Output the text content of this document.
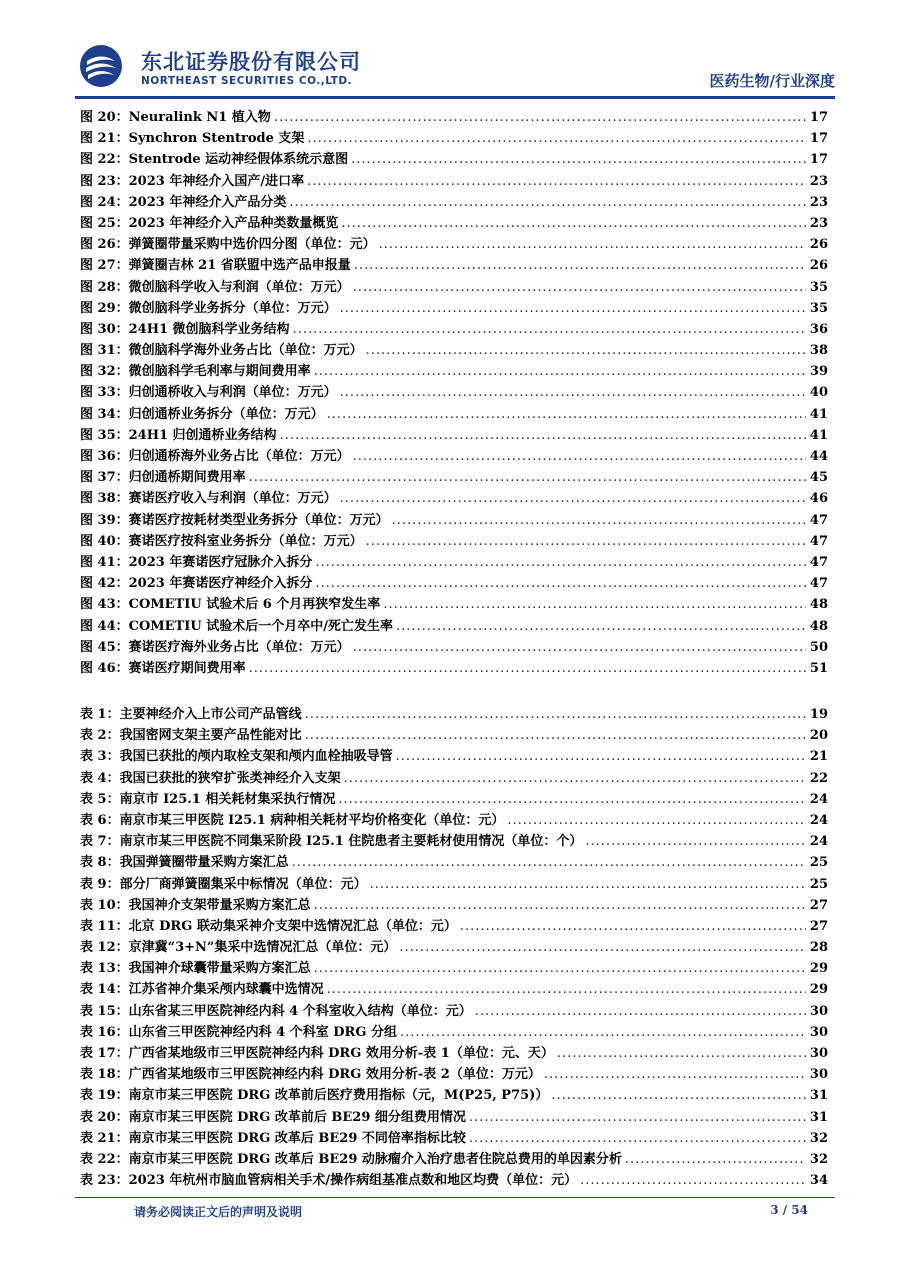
东北证券股份有限公司
NORTHEAST SECURITIES CO.,LTD.	医药生物/行业深度
图 20：Neuralink N1 植入物 .....	17
图 21：Synchron Stentrode 支架 .....	17
图 22：Stentrode 运动神经假体系统示意图 .....	17
图 23：2023 年神经介入国产/进口率 .....	23
图 24：2023 年神经介入产品分类 .....	23
图 25：2023 年神经介入产品种类数量概览 .....	23
图 26：弹簧圈带量采购中选价四分图（单位：元） .....	26
图 27：弹簧圈吉林 21 省联盟中选产品申报量 .....	26
图 28：微创脑科学收入与利润（单位：万元） .....	35
图 29：微创脑科学业务拆分（单位：万元） .....	35
图 30：24H1 微创脑科学业务结构 .....	36
图 31：微创脑科学海外业务占比（单位：万元） .....	38
图 32：微创脑科学毛利率与期间费用率 .....	39
图 33：归创通桥收入与利润（单位：万元） .....	40
图 34：归创通桥业务拆分（单位：万元） .....	41
图 35：24H1 归创通桥业务结构 .....	41
图 36：归创通桥海外业务占比（单位：万元） .....	44
图 37：归创通桥期间费用率 .....	45
图 38：赛诺医疗收入与利润（单位：万元） .....	46
图 39：赛诺医疗按耗材类型业务拆分（单位：万元） .....	47
图 40：赛诺医疗按科室业务拆分（单位：万元） .....	47
图 41：2023 年赛诺医疗冠脉介入拆分 .....	47
图 42：2023 年赛诺医疗神经介入拆分 .....	47
图 43：COMETIU 试验术后 6 个月再狭窄发生率 .....	48
图 44：COMETIU 试验术后一个月卒中/死亡发生率 .....	48
图 45：赛诺医疗海外业务占比（单位：万元） .....	50
图 46：赛诺医疗期间费用率 .....	51
表 1：主要神经介入上市公司产品管线 .....	19
表 2：我国密网支架主要产品性能对比 .....	20
表 3：我国已获批的颅内取栓支架和颅内血栓抽吸导管 .....	21
表 4：我国已获批的狭窄扩张类神经介入支架 .....	22
表 5：南京市 I25.1 相关耗材集采执行情况 .....	24
表 6：南京市某三甲医院 I25.1 病种相关耗材平均价格变化（单位：元） .....	24
表 7：南京市某三甲医院不同集采阶段 I25.1 住院患者主要耗材使用情况（单位：个） .....	24
表 8：我国弹簧圈带量采购方案汇总 .....	25
表 9：部分厂商弹簧圈集采中标情况（单位：元） .....	25
表 10：我国神介支架带量采购方案汇总 .....	27
表 11：北京 DRG 联动集采神介支架中选情况汇总（单位：元） .....	27
表 12：京津冀“3+N”集采中选情况汇总（单位：元） .....	28
表 13：我国神介球囊带量采购方案汇总 .....	29
表 14：江苏省神介集采颅内球囊中选情况 .....	29
表 15：山东省某三甲医院神经内科 4 个科室收入结构（单位：元） .....	30
表 16：山东省三甲医院神经内科 4 个科室 DRG 分组 .....	30
表 17：广西省某地级市三甲医院神经内科 DRG 效用分析-表 1（单位：元、天） .....	30
表 18：广西省某地级市三甲医院神经内科 DRG 效用分析-表 2（单位：万元） .....	30
表 19：南京市某三甲医院 DRG 改革前后医疗费用指标（元，M(P25, P75)） .....	31
表 20：南京市某三甲医院 DRG 改革前后 BE29 细分组费用情况 .....	31
表 21：南京市某三甲医院 DRG 改革后 BE29 不同倍率指标比较 .....	32
表 22：南京市某三甲医院 DRG 改革后 BE29 动脉瘤介入治疗患者住院总费用的单因素分析 .....	32
表 23：2023 年杭州市脑血管病相关手术/操作病组基准点数和地区均费（单位：元） .....	34
请务必阅读正文后的声明及说明	3 / 54
